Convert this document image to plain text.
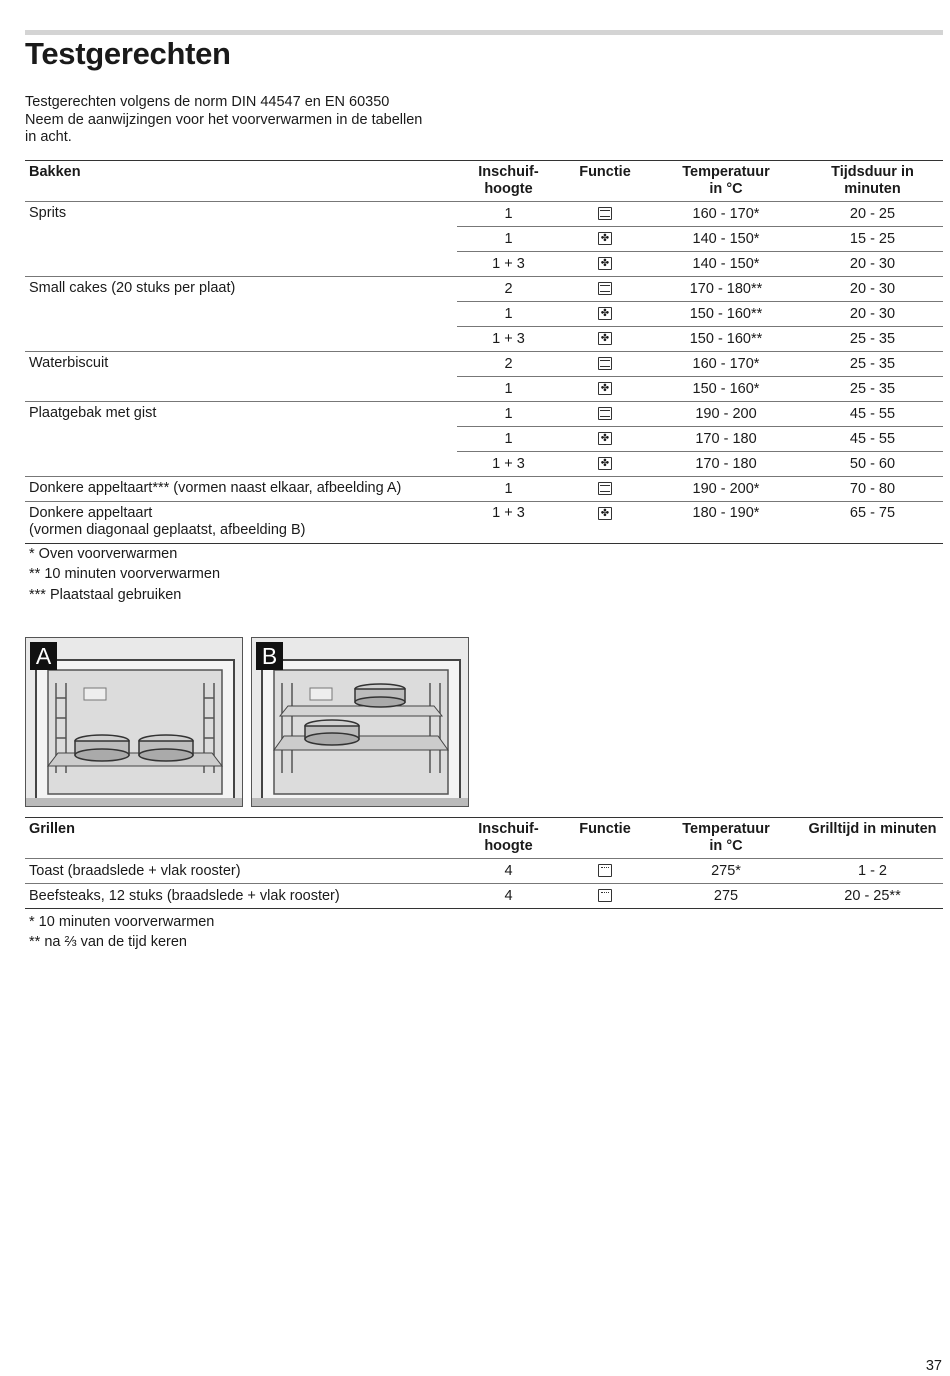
Testgerechten
Testgerechten volgens de norm DIN 44547 en EN 60350
Neem de aanwijzingen voor het voorverwarmen in de tabellen
in acht.
Bakken	Inschuif- hoogte	Functie	Temperatuur in °C	Tijdsduur in minuten

Sprits	1		160 - 170*	20 - 25
	1	✤	140 - 150*	15 - 25
	1 + 3	✤	140 - 150*	20 - 30

Small cakes (20 stuks per plaat)	2		170 - 180**	20 - 30
	1	✤	150 - 160**	20 - 30
	1 + 3	✤	150 - 160**	25 - 35

Waterbiscuit	2		160 - 170*	25 - 35
	1	✤	150 - 160*	25 - 35

Plaatgebak met gist	1		190 - 200	45 - 55
	1	✤	170 - 180	45 - 55
	1 + 3	✤	170 - 180	50 - 60

Donkere appeltaart*** (vormen naast elkaar, afbeelding A)	1		190 - 200*	70 - 80

Donkere appeltaart
(vormen diagonaal geplaatst, afbeelding B)	1 + 3	✤	180 - 190*	65 - 75
* Oven voorverwarmen
** 10 minuten voorverwarmen
*** Plaatstaal gebruiken
A	B
Grillen	Inschuif- hoogte	Functie	Temperatuur in °C	Grilltijd in minuten
Toast (braadslede + vlak rooster)	4		275*	1 - 2
Beefsteaks, 12 stuks (braadslede + vlak rooster)	4		275	20 - 25**
* 10 minuten voorverwarmen
** na ⅔ van de tijd keren
37
